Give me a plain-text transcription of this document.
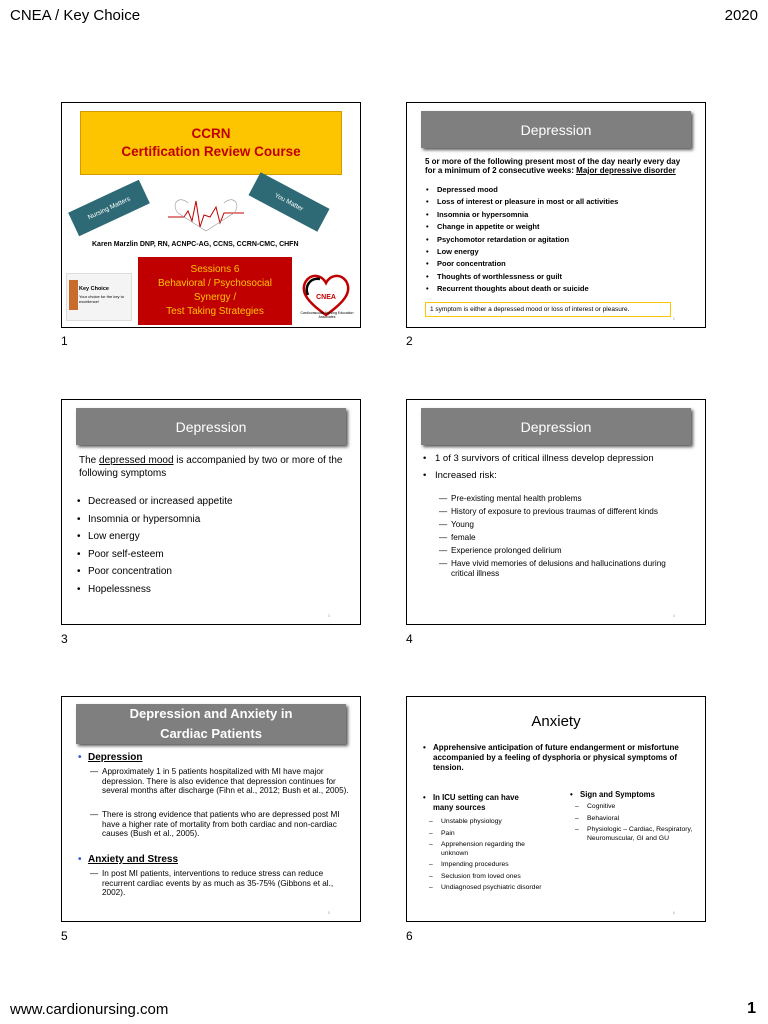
CNEA / Key Choice	2020
www.cardionursing.com	1
CCRN
Certification Review Course
Nursing Matters	You Matter
Karen Marzlin DNP, RN, ACNPC-AG, CCNS, CCRN-CMC, CHFN
Key Choice
Your choice for the key to excellence!
Sessions 6
Behavioral / Psychosocial
Synergy /
Test Taking Strategies
CNEA
Cardiovascular Nursing Education Associates
1
Depression
5 or more of the following present most of the day nearly every day for a minimum of 2 consecutive weeks: Major depressive disorder
• Depressed mood
• Loss of interest or pleasure in most or all activities
• Insomnia or hypersomnia
• Change in appetite or weight
• Psychomotor retardation or agitation
• Low energy
• Poor concentration
• Thoughts of worthlessness or guilt
• Recurrent thoughts about death or suicide
1 symptom is either a depressed mood or loss of interest or pleasure.
2
2
Depression
The depressed mood is accompanied by two or more of the following symptoms
• Decreased or increased appetite
• Insomnia or hypersomnia
• Low energy
• Poor self-esteem
• Poor concentration
• Hopelessness
3
3
Depression
• 1 of 3 survivors of critical illness develop depression
• Increased risk:
— Pre-existing mental health problems
— History of exposure to previous traumas of different kinds
— Young
— female
— Experience prolonged delirium
— Have vivid memories of delusions and hallucinations during critical illness
4
4
Depression and Anxiety in
Cardiac Patients
• Depression
— Approximately 1 in 5 patients hospitalized with MI have major depression. There is also evidence that depression continues for several months after discharge (Fihn et al., 2012; Bush et al., 2005).
— There is strong evidence that patients who are depressed post MI have a higher rate of mortality from both cardiac and non-cardiac causes (Bush et al., 2005).
• Anxiety and Stress
— In post MI patients, interventions to reduce stress can reduce recurrent cardiac events by as much as 35-75% (Gibbons et al., 2002).
5
5
Anxiety
• Apprehensive anticipation of future endangerment or misfortune accompanied by a feeling of dysphoria or physical symptoms of tension.
• In ICU setting can have many sources
– Unstable physiology
– Pain
– Apprehension regarding the unknown
– Impending procedures
– Seclusion from loved ones
– Undiagnosed psychiatric disorder
• Sign and Symptoms
– Cognitive
– Behavioral
– Physiologic – Cardiac, Respiratory, Neuromuscular, GI and GU
6
6
